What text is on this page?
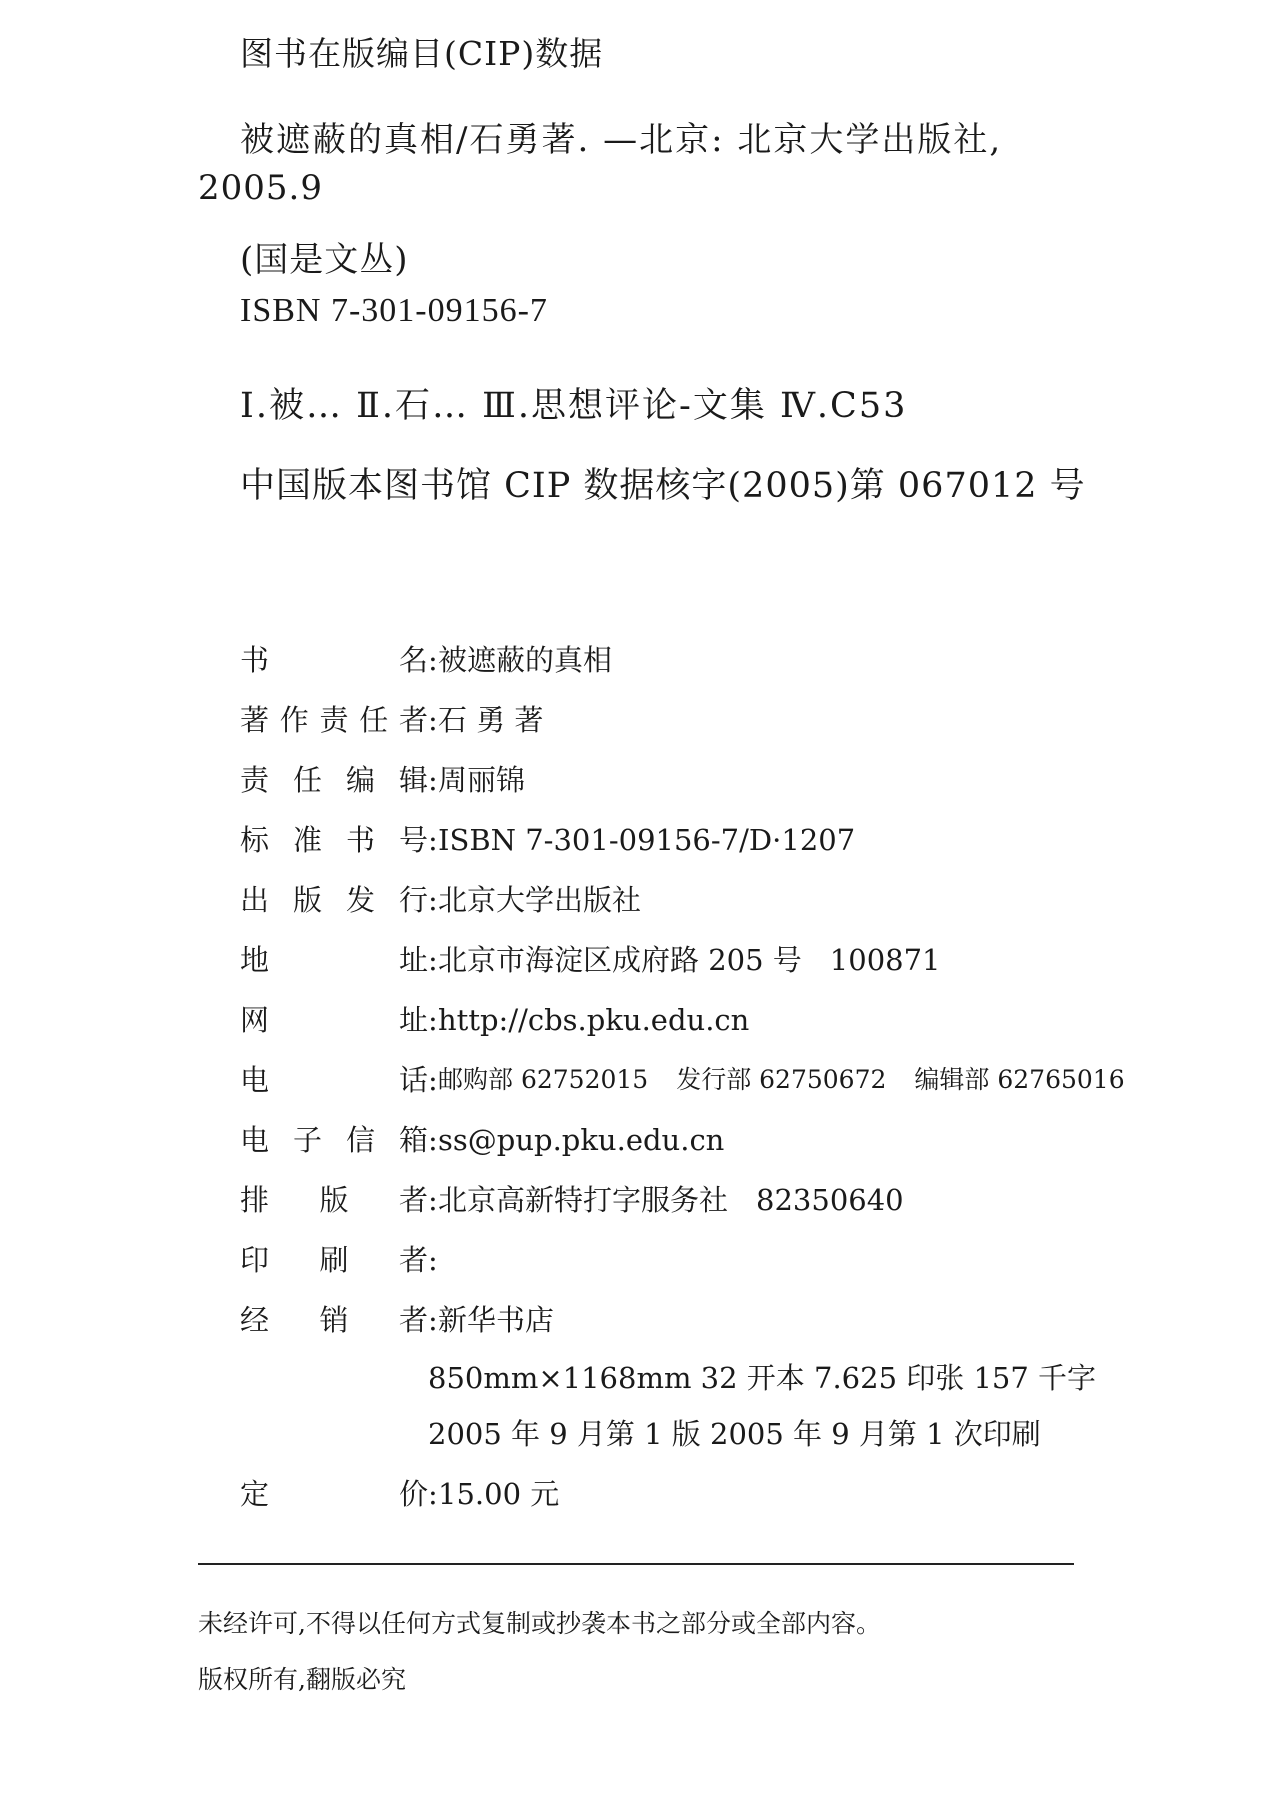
图书在版编目(CIP)数据
被遮蔽的真相/石勇著. —北京: 北京大学出版社,
2005.9
(国是文丛)
ISBN 7-301-09156-7
Ⅰ.被… Ⅱ.石… Ⅲ.思想评论-文集 Ⅳ.C53
中国版本图书馆 CIP 数据核字(2005)第 067012 号
书名:被遮蔽的真相
著作责任者:石 勇 著
责任编辑:周丽锦
标准书号:ISBN 7-301-09156-7/D·1207
出版发行:北京大学出版社
地址:北京市海淀区成府路 205 号 100871
网址:http://cbs.pku.edu.cn
电话:邮购部 62752015 发行部 62750672 编辑部 62765016
电子信箱:ss@pup.pku.edu.cn
排版者:北京高新特打字服务社 82350640
印刷者:
经销者:新华书店
850mm×1168mm 32 开本 7.625 印张 157 千字
2005 年 9 月第 1 版 2005 年 9 月第 1 次印刷
定价:15.00 元
未经许可,不得以任何方式复制或抄袭本书之部分或全部内容。
版权所有,翻版必究
